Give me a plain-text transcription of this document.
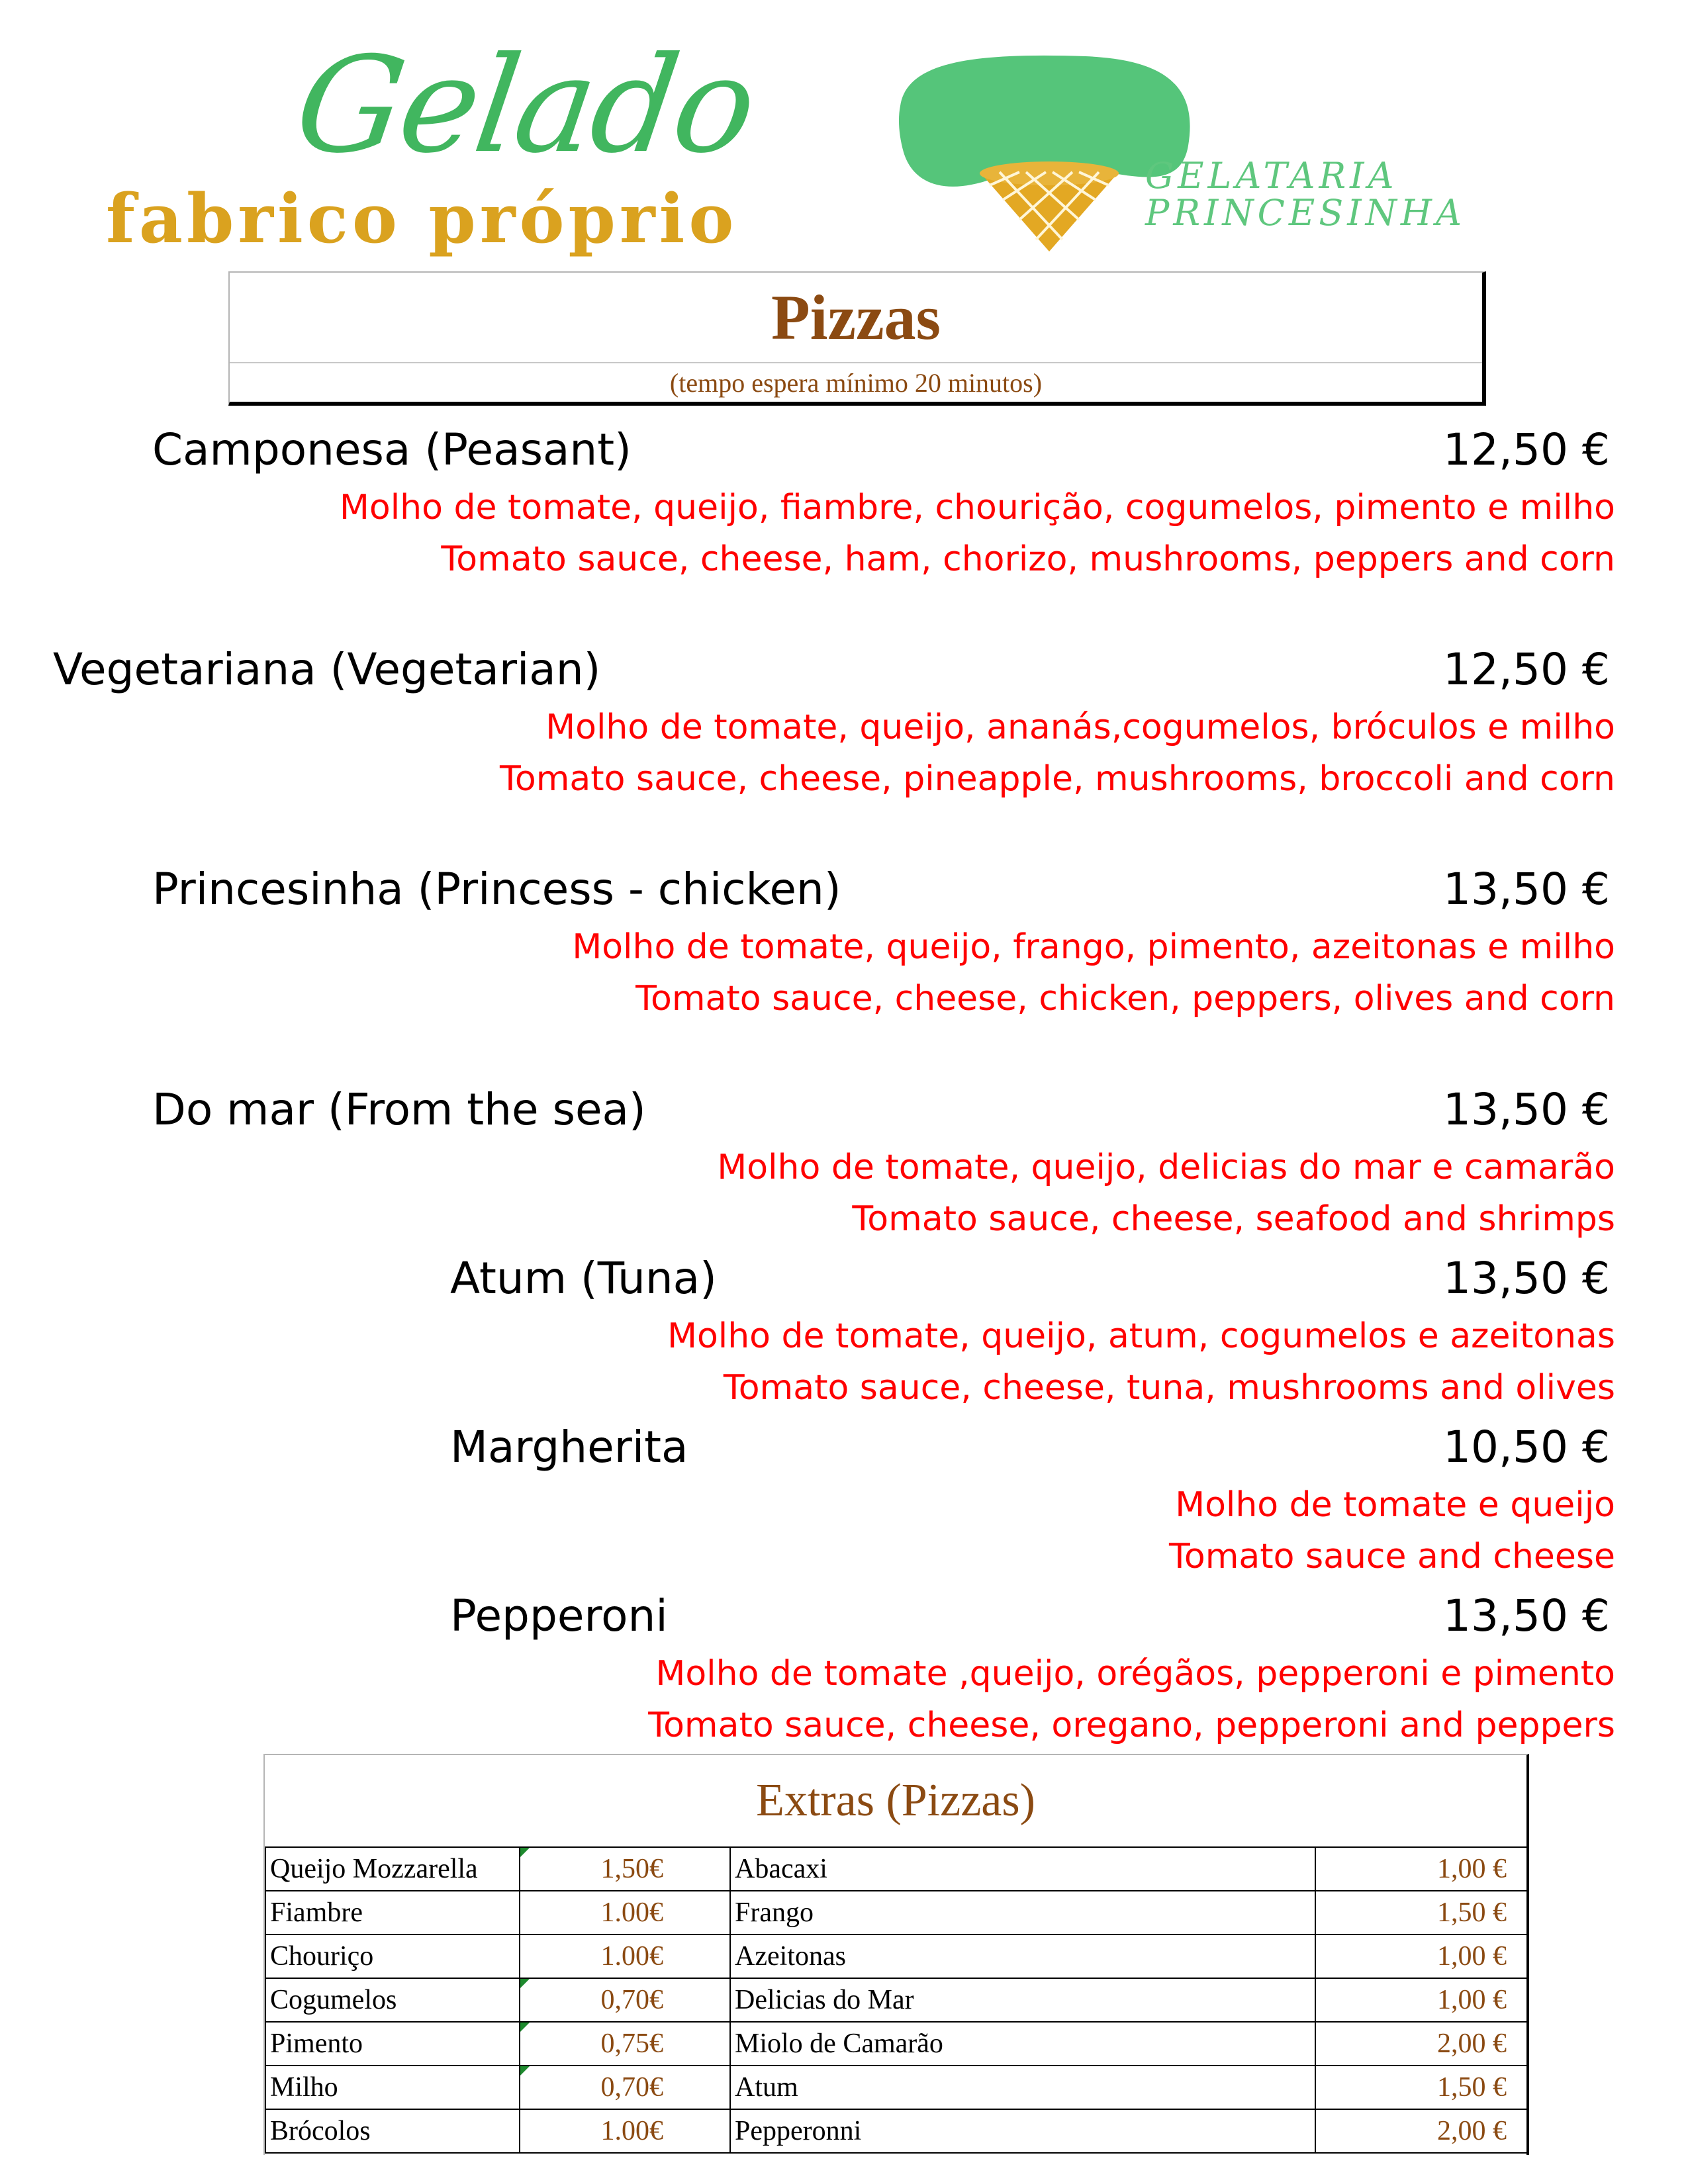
Gelado
fabrico próprio
GELATARIA
PRINCESINHA
Pizzas
(tempo espera mínimo 20 minutos)
Camponesa (Peasant)	12,50 €
Molho de tomate, queijo, fiambre, chourição, cogumelos, pimento e milho
Tomato sauce, cheese, ham, chorizo, mushrooms, peppers and corn
Vegetariana (Vegetarian)	12,50 €
Molho de tomate, queijo, ananás,cogumelos, bróculos e milho
Tomato sauce, cheese, pineapple, mushrooms, broccoli and corn
Princesinha (Princess - chicken)	13,50 €
Molho de tomate, queijo, frango, pimento, azeitonas e milho
Tomato sauce, cheese, chicken, peppers, olives and corn
Do mar (From the sea)	13,50 €
Molho de tomate, queijo, delicias do mar e camarão
Tomato sauce, cheese, seafood and shrimps
Atum (Tuna)	13,50 €
Molho de tomate, queijo, atum, cogumelos e azeitonas
Tomato sauce, cheese, tuna, mushrooms and olives
Margherita	10,50 €
Molho de tomate e queijo
Tomato sauce and cheese
Pepperoni	13,50 €
Molho de tomate ,queijo, orégãos, pepperoni e pimento
Tomato sauce, cheese, oregano, pepperoni and peppers
Extras (Pizzas)
Queijo Mozzarella	1,50€	Abacaxi	1,00 €
Fiambre	1.00€	Frango	1,50 €
Chouriço	1.00€	Azeitonas	1,00 €
Cogumelos	0,70€	Delicias do Mar	1,00 €
Pimento	0,75€	Miolo de Camarão	2,00 €
Milho	0,70€	Atum	1,50 €
Brócolos	1.00€	Pepperonni	2,00 €
